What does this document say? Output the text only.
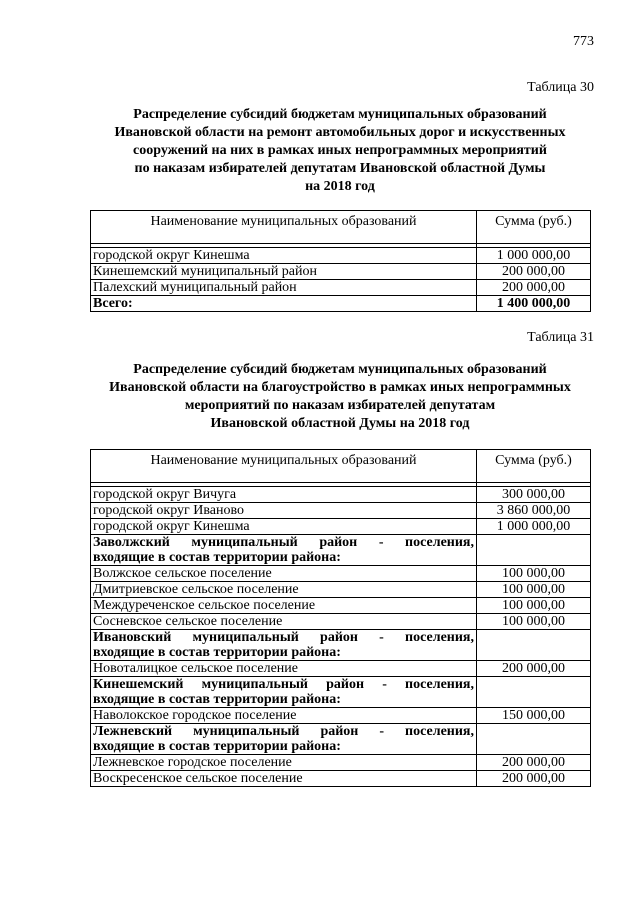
773
Таблица 30
Распределение субсидий бюджетам муниципальных образований
Ивановской области на ремонт автомобильных дорог и искусственных
сооружений на них в рамках иных непрограммных мероприятий
по наказам избирателей депутатам Ивановской областной Думы
на 2018 год
Наименование муниципальных образований	Сумма (руб.)

городской округ Кинешма	1 000 000,00
Кинешемский муниципальный район	200 000,00
Палехский муниципальный район	200 000,00
Всего:	1 400 000,00
Таблица 31
Распределение субсидий бюджетам муниципальных образований
Ивановской области на благоустройство в рамках иных непрограммных
мероприятий по наказам избирателей депутатам
Ивановской областной Думы на 2018 год
Наименование муниципальных образований	Сумма (руб.)

городской округ Вичуга	300 000,00
городской округ Иваново	3 860 000,00
городской округ Кинешма	1 000 000,00

Заволжский муниципальный район - поселения,
входящие в состав территории района:	

Волжское сельское поселение	100 000,00
Дмитриевское сельское поселение	100 000,00
Междуреченское сельское поселение	100 000,00
Сосневское сельское поселение	100 000,00

Ивановский муниципальный район - поселения,
входящие в состав территории района:	

Новоталицкое сельское поселение	200 000,00

Кинешемский муниципальный район - поселения,
входящие в состав территории района:	

Наволокское городское поселение	150 000,00

Лежневский муниципальный район - поселения,
входящие в состав территории района:	

Лежневское городское поселение	200 000,00
Воскресенское сельское поселение	200 000,00
